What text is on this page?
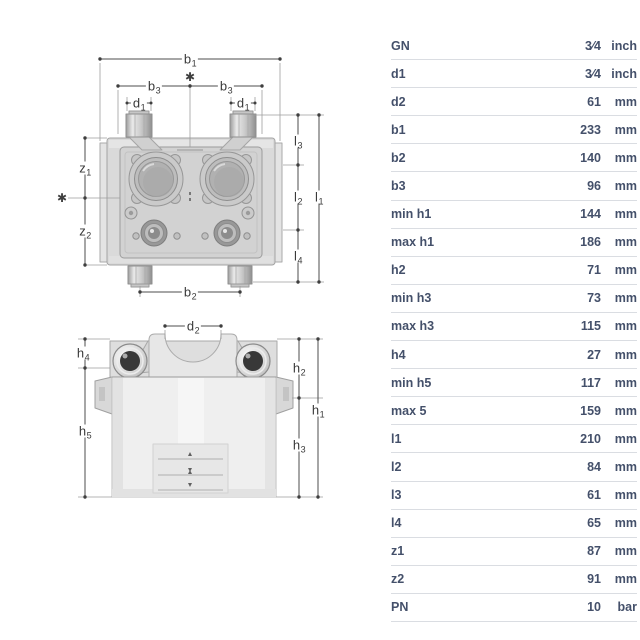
✱
✱
$b_1$
$b_3$	$b_3$
$d_1$	$d_1$
$z_1$
$z_2$
$l_3$
$l_2$ $l_1$
$l_4$
$b_2$
$d_2$
$h_4$
$h_5$
$h_2$
$h_1$
$h_3$
GN	3⁄4 inch
d1	3⁄4 inch
d2	61	mm
b1	233	mm
b2	140	mm
b3	96	mm
min h1	144	mm
max h1	186	mm
h2	71	mm
min h3	73	mm
max h3	115	mm
h4	27	mm
min h5	117	mm
max 5	159	mm
l1	210	mm
l2	84	mm
l3	61	mm
l4	65	mm
z1	87	mm
z2	91	mm
PN	10	bar
